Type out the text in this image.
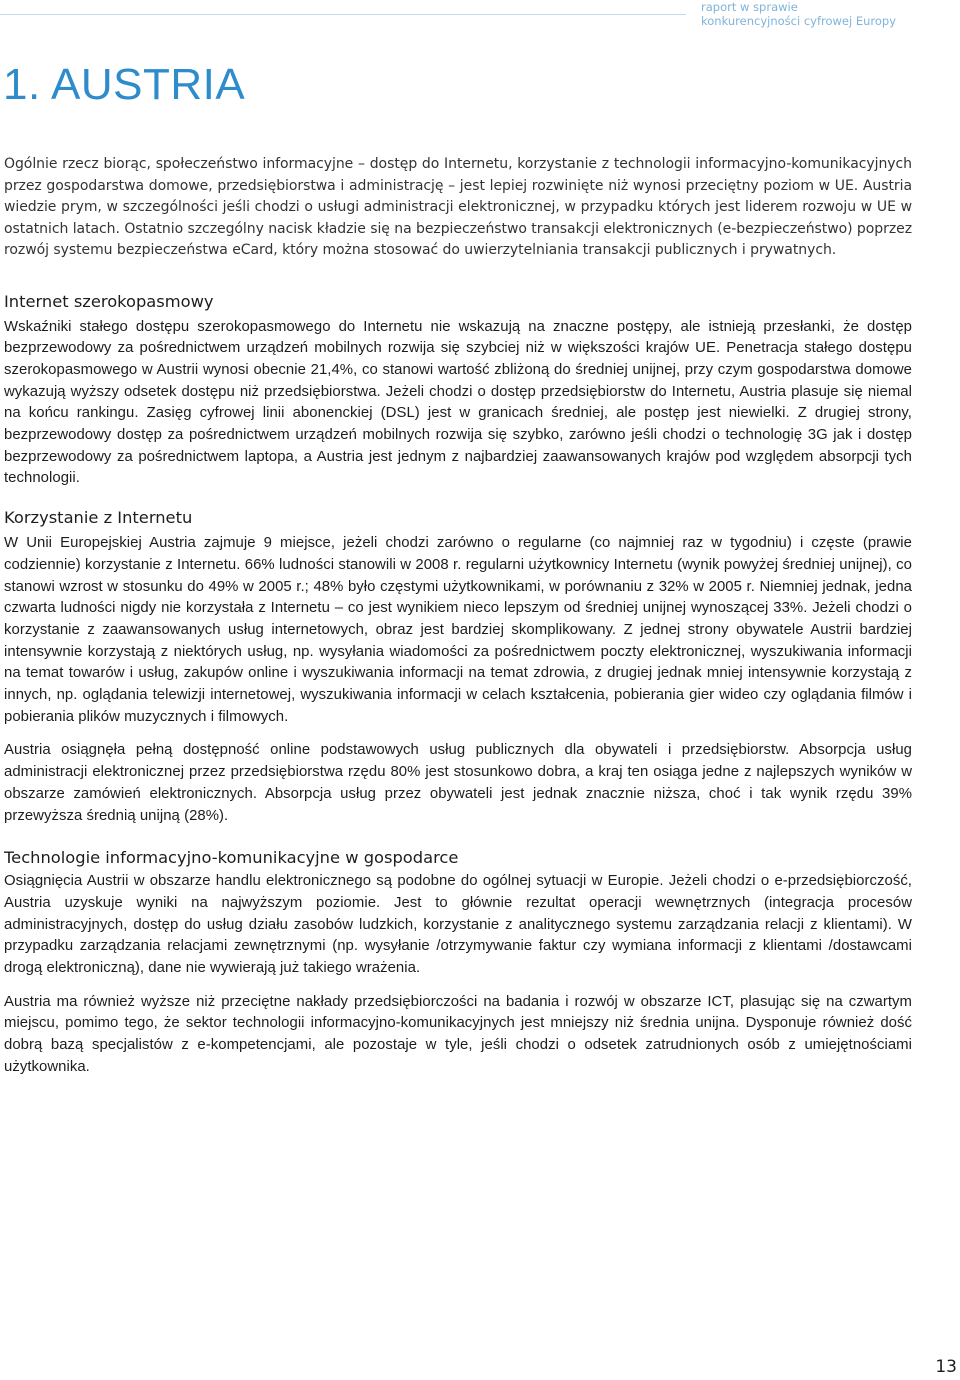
raport w sprawie
konkurencyjności cyfrowej Europy
1. AUSTRIA

Ogólnie rzecz biorąc, społeczeństwo informacyjne – dostęp do Internetu, korzystanie z technologii informacyjno-komunikacyjnych przez gospodarstwa domowe, przedsiębiorstwa i administrację – jest lepiej rozwinięte niż wynosi przeciętny poziom w UE. Austria wiedzie prym, w szczególności jeśli chodzi o usługi administracji elektronicznej, w przypadku których jest liderem rozwoju w UE w ostatnich latach. Ostatnio szczególny nacisk kładzie się na bezpieczeństwo transakcji elektronicznych (e-bezpieczeństwo) poprzez rozwój systemu bezpieczeństwa eCard, który można stosować do uwierzytelniania transakcji publicznych i prywatnych.

Internet szerokopasmowy

Wskaźniki stałego dostępu szerokopasmowego do Internetu nie wskazują na znaczne postępy, ale istnieją przesłanki, że dostęp bezprzewodowy za pośrednictwem urządzeń mobilnych rozwija się szybciej niż w większości krajów UE. Penetracja stałego dostępu szerokopasmowego w Austrii wynosi obecnie 21,4%, co stanowi wartość zbliżoną do średniej unijnej, przy czym gospodarstwa domowe wykazują wyższy odsetek dostępu niż przedsiębiorstwa. Jeżeli chodzi o dostęp przedsiębiorstw do Internetu, Austria plasuje się niemal na końcu rankingu. Zasięg cyfrowej linii abonenckiej (DSL) jest w granicach średniej, ale postęp jest niewielki. Z drugiej strony, bezprzewodowy dostęp za pośrednictwem urządzeń mobilnych rozwija się szybko, zarówno jeśli chodzi o technologię 3G jak i dostęp bezprzewodowy za pośrednictwem laptopa, a Austria jest jednym z najbardziej zaawansowanych krajów pod względem absorpcji tych technologii.

Korzystanie z Internetu

W Unii Europejskiej Austria zajmuje 9 miejsce, jeżeli chodzi zarówno o regularne (co najmniej raz w tygodniu) i częste (prawie codziennie) korzystanie z Internetu. 66% ludności stanowili w 2008 r. regularni użytkownicy Internetu (wynik powyżej średniej unijnej), co stanowi wzrost w stosunku do 49% w 2005 r.; 48% było częstymi użytkownikami, w porównaniu z 32% w 2005 r. Niemniej jednak, jedna czwarta ludności nigdy nie korzystała z Internetu – co jest wynikiem nieco lepszym od średniej unijnej wynoszącej 33%. Jeżeli chodzi o korzystanie z zaawansowanych usług internetowych, obraz jest bardziej skomplikowany. Z jednej strony obywatele Austrii bardziej intensywnie korzystają z niektórych usług, np. wysyłania wiadomości za pośrednictwem poczty elektronicznej, wyszukiwania informacji na temat towarów i usług, zakupów online i wyszukiwania informacji na temat zdrowia, z drugiej jednak mniej intensywnie korzystają z innych, np. oglądania telewizji internetowej, wyszukiwania informacji w celach kształcenia, pobierania gier wideo czy oglądania filmów i pobierania plików muzycznych i filmowych.

Austria osiągnęła pełną dostępność online podstawowych usług publicznych dla obywateli i przedsiębiorstw. Absorpcja usług administracji elektronicznej przez przedsiębiorstwa rzędu 80% jest stosunkowo dobra, a kraj ten osiąga jedne z najlepszych wyników w obszarze zamówień elektronicznych. Absorpcja usług przez obywateli jest jednak znacznie niższa, choć i tak wynik rzędu 39% przewyższa średnią unijną (28%).

Technologie informacyjno-komunikacyjne w gospodarce

Osiągnięcia Austrii w obszarze handlu elektronicznego są podobne do ogólnej sytuacji w Europie. Jeżeli chodzi o e-przedsiębiorczość, Austria uzyskuje wyniki na najwyższym poziomie. Jest to głównie rezultat operacji wewnętrznych (integracja procesów administracyjnych, dostęp do usług działu zasobów ludzkich, korzystanie z analitycznego systemu zarządzania relacji z klientami). W przypadku zarządzania relacjami zewnętrznymi (np. wysyłanie /otrzymywanie faktur czy wymiana informacji z klientami /dostawcami drogą elektroniczną), dane nie wywierają już takiego wrażenia.

Austria ma również wyższe niż przeciętne nakłady przedsiębiorczości na badania i rozwój w obszarze ICT, plasując się na czwartym miejscu, pomimo tego, że sektor technologii informacyjno-komunikacyjnych jest mniejszy niż średnia unijna. Dysponuje również dość dobrą bazą specjalistów z e-kompetencjami, ale pozostaje w tyle, jeśli chodzi o odsetek zatrudnionych osób z umiejętnościami użytkownika.

13
